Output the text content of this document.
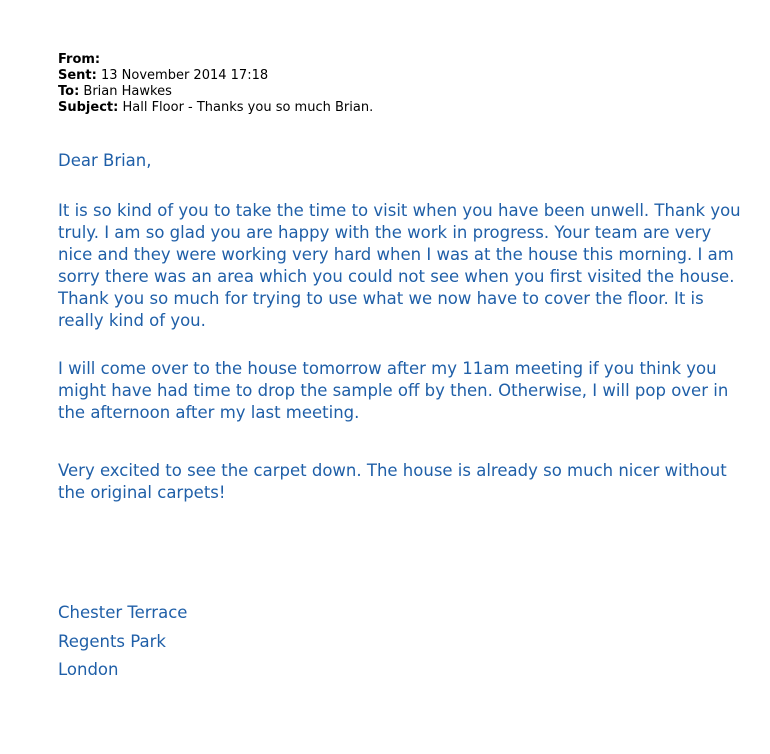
From:
Sent: 13 November 2014 17:18
To: Brian Hawkes
Subject: Hall Floor - Thanks you so much Brian.
Dear Brian,
It is so kind of you to take the time to visit when you have been unwell. Thank you truly. I am so glad you are happy with the work in progress. Your team are very nice and they were working very hard when I was at the house this morning. I am sorry there was an area which you could not see when you first visited the house. Thank you so much for trying to use what we now have to cover the floor. It is really kind of you.
I will come over to the house tomorrow after my 11am meeting if you think you might have had time to drop the sample off by then. Otherwise, I will pop over in the afternoon after my last meeting.
Very excited to see the carpet down. The house is already so much nicer without the original carpets!
Chester Terrace
Regents Park
London
